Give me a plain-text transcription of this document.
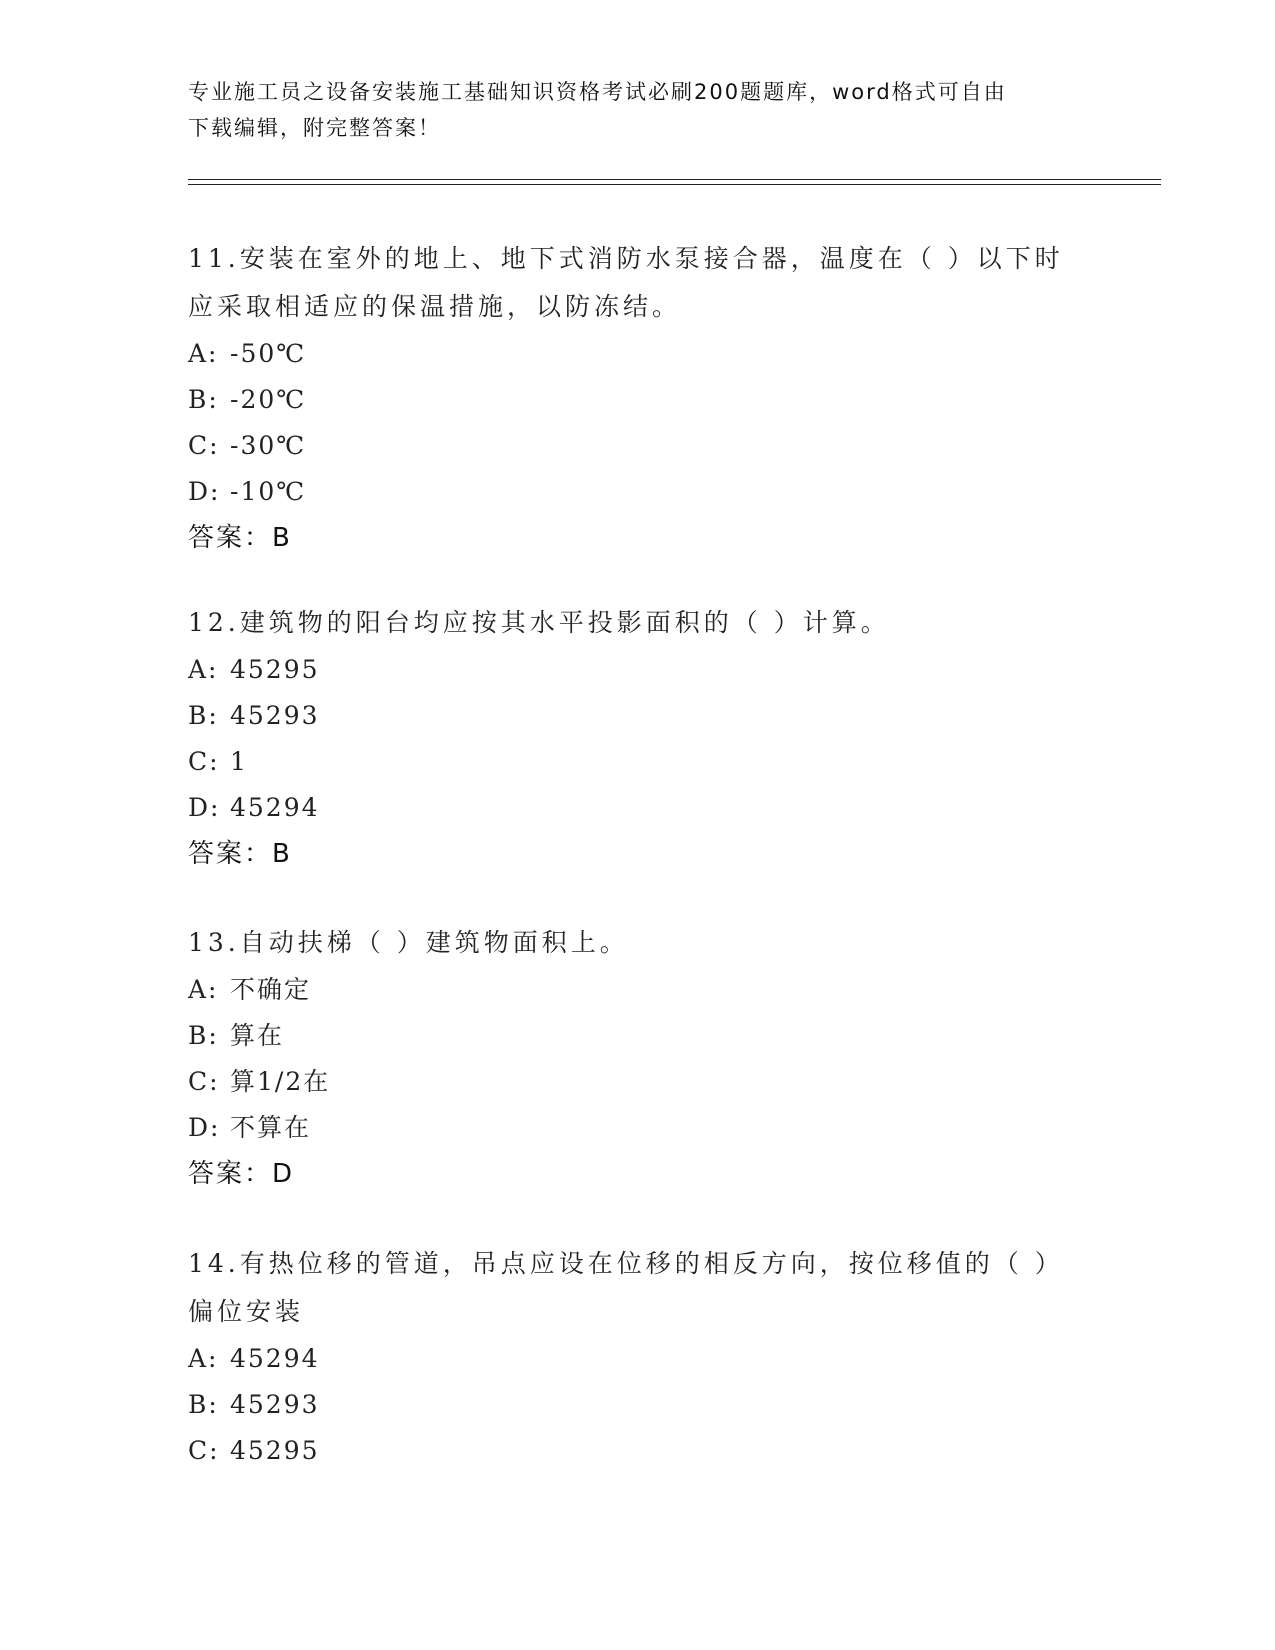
专业施工员之设备安装施工基础知识资格考试必刷200题题库，word格式可自由
下载编辑，附完整答案！

11.安装在室外的地上、地下式消防水泵接合器，温度在（ ）以下时应采取相适应的保温措施，以防冻结。

A: -50℃
B: -20℃
C: -30℃
D: -10℃
答案：B

12.建筑物的阳台均应按其水平投影面积的（ ）计算。

A: 45295
B: 45293
C: 1
D: 45294
答案：B

13.自动扶梯（ ）建筑物面积上。

A: 不确定
B: 算在
C: 算1/2在
D: 不算在
答案：D

14.有热位移的管道，吊点应设在位移的相反方向，按位移值的（ ）偏位安装

A: 45294
B: 45293
C: 45295
